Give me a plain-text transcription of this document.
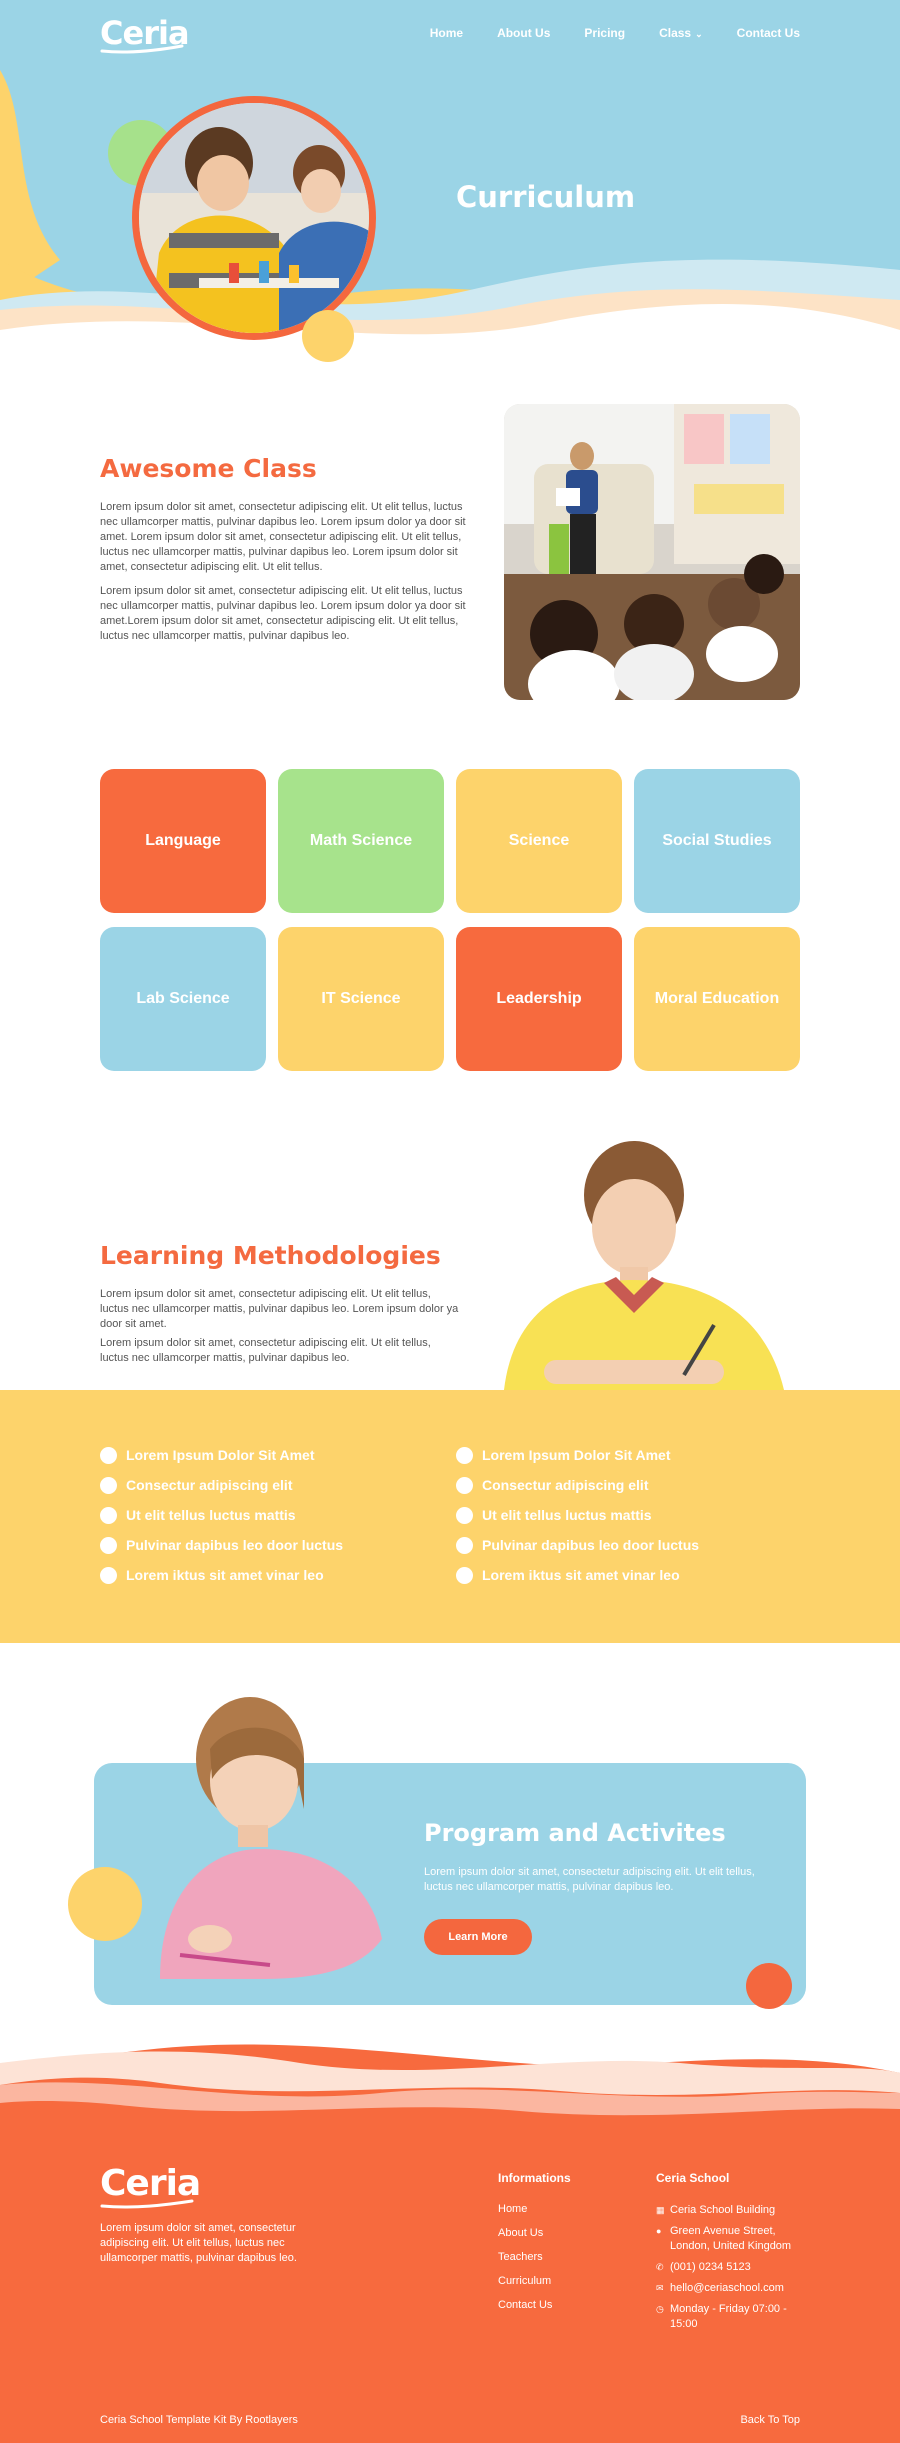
Ceria	Home	About Us	Pricing	Class ⌄	Contact Us
Curriculum
Awesome Class

Lorem ipsum dolor sit amet, consectetur adipiscing elit. Ut elit tellus, luctus nec ullamcorper mattis, pulvinar dapibus leo. Lorem ipsum dolor ya door sit amet. Lorem ipsum dolor sit amet, consectetur adipiscing elit. Ut elit tellus, luctus nec ullamcorper mattis, pulvinar dapibus leo. Lorem ipsum dolor sit amet, consectetur adipiscing elit. Ut elit tellus.

Lorem ipsum dolor sit amet, consectetur adipiscing elit. Ut elit tellus, luctus nec ullamcorper mattis, pulvinar dapibus leo. Lorem ipsum dolor ya door sit amet.Lorem ipsum dolor sit amet, consectetur adipiscing elit. Ut elit tellus, luctus nec ullamcorper mattis, pulvinar dapibus leo.

Language	Math Science	Science	Social Studies
Lab Science	IT Science	Leadership	Moral Education
Learning Methodologies

Lorem ipsum dolor sit amet, consectetur adipiscing elit. Ut elit tellus, luctus nec ullamcorper mattis, pulvinar dapibus leo. Lorem ipsum dolor ya door sit amet.

Lorem ipsum dolor sit amet, consectetur adipiscing elit. Ut elit tellus, luctus nec ullamcorper mattis, pulvinar dapibus leo.

Lorem Ipsum Dolor Sit Amet
Consectur adipiscing elit
Ut elit tellus luctus mattis
Pulvinar dapibus leo door luctus
Lorem iktus sit amet vinar leo
Lorem Ipsum Dolor Sit Amet
Consectur adipiscing elit
Ut elit tellus luctus mattis
Pulvinar dapibus leo door luctus
Lorem iktus sit amet vinar leo
Program and Activites

Lorem ipsum dolor sit amet, consectetur adipiscing elit. Ut elit tellus, luctus nec ullamcorper mattis, pulvinar dapibus leo.

Learn More
Ceria

Lorem ipsum dolor sit amet, consectetur adipiscing elit. Ut elit tellus, luctus nec ullamcorper mattis, pulvinar dapibus leo.

Informations
Home
About Us
Teachers
Curriculum
Contact Us
Ceria School
▦ Ceria School Building
● Green Avenue Street, London, United Kingdom
✆ (001) 0234 5123
✉ hello@ceriaschool.com
◷ Monday - Friday 07:00 - 15:00
Ceria School Template Kit By Rootlayers	Back To Top
